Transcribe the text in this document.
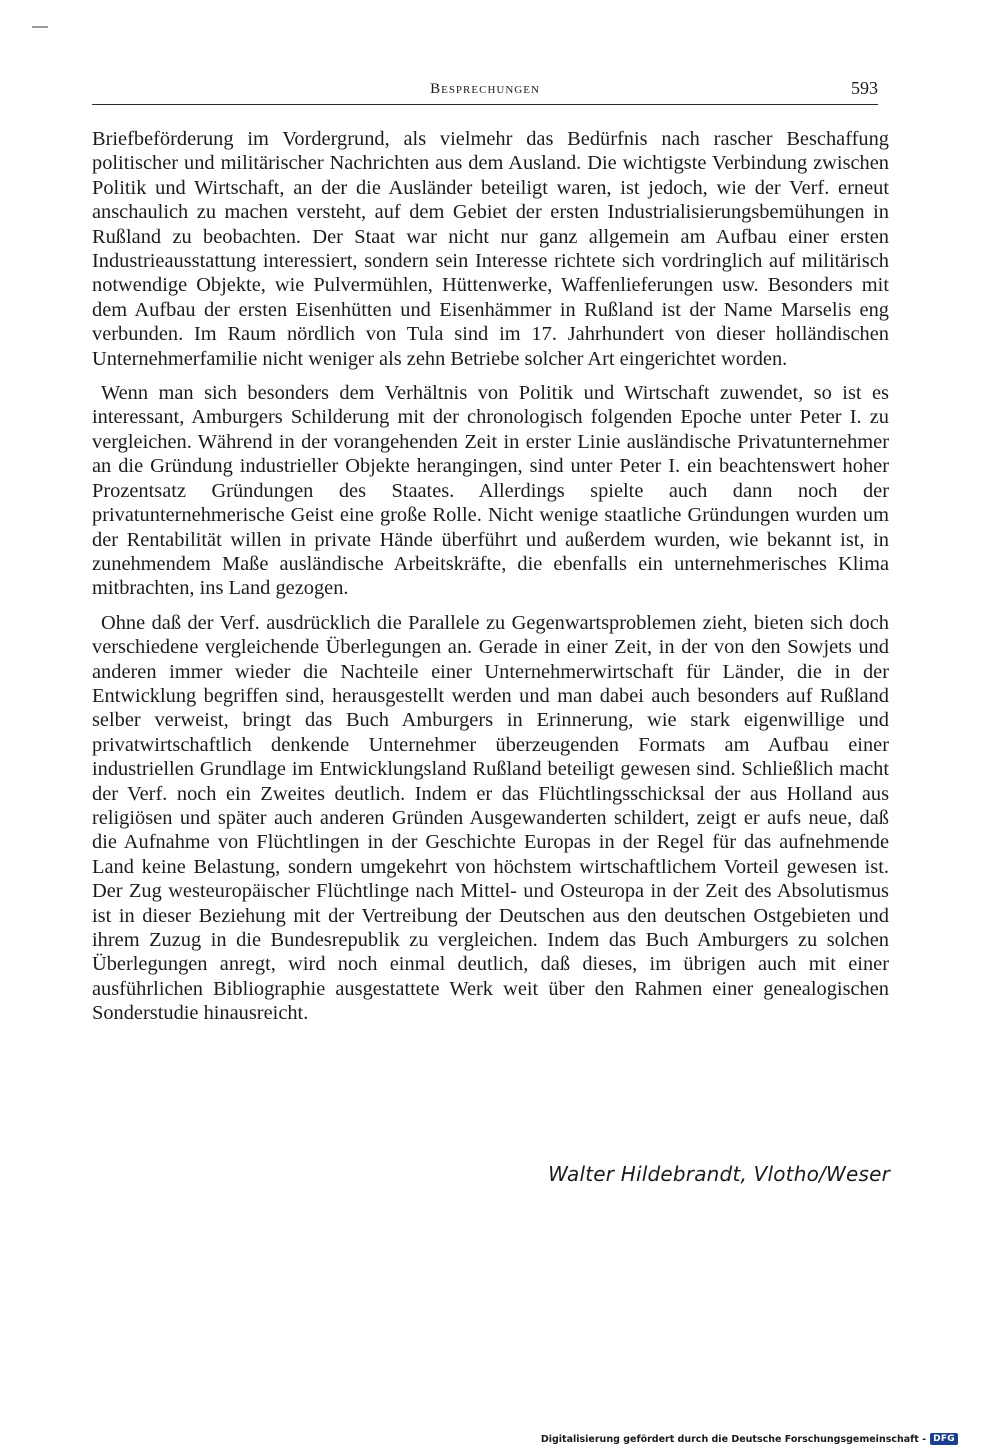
Besprechungen	593

Briefbeförderung im Vordergrund, als vielmehr das Bedürfnis nach rascher Beschaffung politischer und militärischer Nachrichten aus dem Ausland. Die wichtigste Verbindung zwischen Politik und Wirtschaft, an der die Ausländer beteiligt waren, ist jedoch, wie der Verf. erneut anschaulich zu machen versteht, auf dem Gebiet der ersten Industrialisierungsbemühungen in Rußland zu beobachten. Der Staat war nicht nur ganz allgemein am Aufbau einer ersten Industrieausstattung interessiert, sondern sein Interesse richtete sich vordringlich auf militärisch notwendige Objekte, wie Pulvermühlen, Hüttenwerke, Waffenlieferungen usw. Besonders mit dem Aufbau der ersten Eisenhütten und Eisenhämmer in Rußland ist der Name Marselis eng verbunden. Im Raum nördlich von Tula sind im 17. Jahrhundert von dieser holländischen Unternehmerfamilie nicht weniger als zehn Betriebe solcher Art eingerichtet worden.

Wenn man sich besonders dem Verhältnis von Politik und Wirtschaft zuwendet, so ist es interessant, Amburgers Schilderung mit der chronologisch folgenden Epoche unter Peter I. zu vergleichen. Während in der vorangehenden Zeit in erster Linie ausländische Privatunternehmer an die Gründung industrieller Objekte herangingen, sind unter Peter I. ein beachtenswert hoher Prozentsatz Gründungen des Staates. Allerdings spielte auch dann noch der privatunternehmerische Geist eine große Rolle. Nicht wenige staatliche Gründungen wurden um der Rentabilität willen in private Hände überführt und außerdem wurden, wie bekannt ist, in zunehmendem Maße ausländische Arbeitskräfte, die ebenfalls ein unternehmerisches Klima mitbrachten, ins Land gezogen.

Ohne daß der Verf. ausdrücklich die Parallele zu Gegenwartsproblemen zieht, bieten sich doch verschiedene vergleichende Überlegungen an. Gerade in einer Zeit, in der von den Sowjets und anderen immer wieder die Nachteile einer Unternehmerwirtschaft für Länder, die in der Entwicklung begriffen sind, herausgestellt werden und man dabei auch besonders auf Rußland selber verweist, bringt das Buch Amburgers in Erinnerung, wie stark eigenwillige und privatwirtschaftlich denkende Unternehmer überzeugenden Formats am Aufbau einer industriellen Grundlage im Entwicklungsland Rußland beteiligt gewesen sind. Schließlich macht der Verf. noch ein Zweites deutlich. Indem er das Flüchtlingsschicksal der aus Holland aus religiösen und später auch anderen Gründen Ausgewanderten schildert, zeigt er aufs neue, daß die Aufnahme von Flüchtlingen in der Geschichte Europas in der Regel für das aufnehmende Land keine Belastung, sondern umgekehrt von höchstem wirtschaftlichem Vorteil gewesen ist. Der Zug westeuropäischer Flüchtlinge nach Mittel- und Osteuropa in der Zeit des Absolutismus ist in dieser Beziehung mit der Vertreibung der Deutschen aus den deutschen Ostgebieten und ihrem Zuzug in die Bundesrepublik zu vergleichen. Indem das Buch Amburgers zu solchen Überlegungen anregt, wird noch einmal deutlich, daß dieses, im übrigen auch mit einer ausführlichen Bibliographie ausgestattete Werk weit über den Rahmen einer genealogischen Sonderstudie hinausreicht.

Walter Hildebrandt, Vlotho/Weser
Digitalisierung gefördert durch die Deutsche Forschungsgemeinschaft - DFG
